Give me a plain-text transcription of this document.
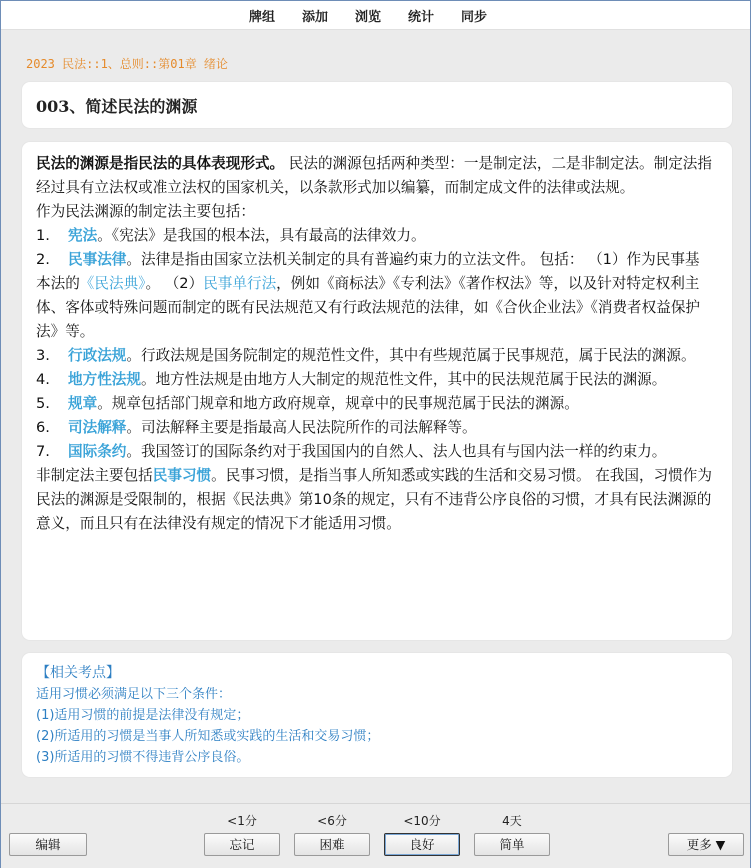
牌组 添加 浏览 统计 同步
2023 民法::1、总则::第01章 绪论
003、简述民法的渊源

民法的渊源是指民法的具体表现形式。 民法的渊源包括两种类型：一是制定法，二是非制定法。制定法指经过具有立法权或准立法权的国家机关，以条款形式加以编纂，而制定成文件的法律或法规。

作为民法渊源的制定法主要包括：

1. 宪法。《宪法》是我国的根本法，具有最高的法律效力。

2. 民事法律。法律是指由国家立法机关制定的具有普遍约束力的立法文件。 包括： （1）作为民事基本法的《民法典》。 （2）民事单行法，例如《商标法》《专利法》《著作权法》等，以及针对特定权利主体、客体或特殊问题而制定的既有民法规范又有行政法规范的法律，如《合伙企业法》《消费者权益保护法》等。

3. 行政法规。行政法规是国务院制定的规范性文件，其中有些规范属于民事规范，属于民法的渊源。

4. 地方性法规。地方性法规是由地方人大制定的规范性文件，其中的民法规范属于民法的渊源。

5. 规章。规章包括部门规章和地方政府规章，规章中的民事规范属于民法的渊源。

6. 司法解释。司法解释主要是指最高人民法院所作的司法解释等。

7. 国际条约。我国签订的国际条约对于我国国内的自然人、法人也具有与国内法一样的约束力。

非制定法主要包括民事习惯。民事习惯，是指当事人所知悉或实践的生活和交易习惯。 在我国，习惯作为民法的渊源是受限制的，根据《民法典》第10条的规定，只有不违背公序良俗的习惯，才具有民法渊源的意义，而且只有在法律没有规定的情况下才能适用习惯。

【相关考点】
适用习惯必须满足以下三个条件：
(1)适用习惯的前提是法律没有规定；
(2)所适用的习惯是当事人所知悉或实践的生活和交易习惯；
(3)所适用的习惯不得违背公序良俗。
编辑
<1分	<6分	<10分	4天
忘记	困难	良好	简单	更多 ▼
